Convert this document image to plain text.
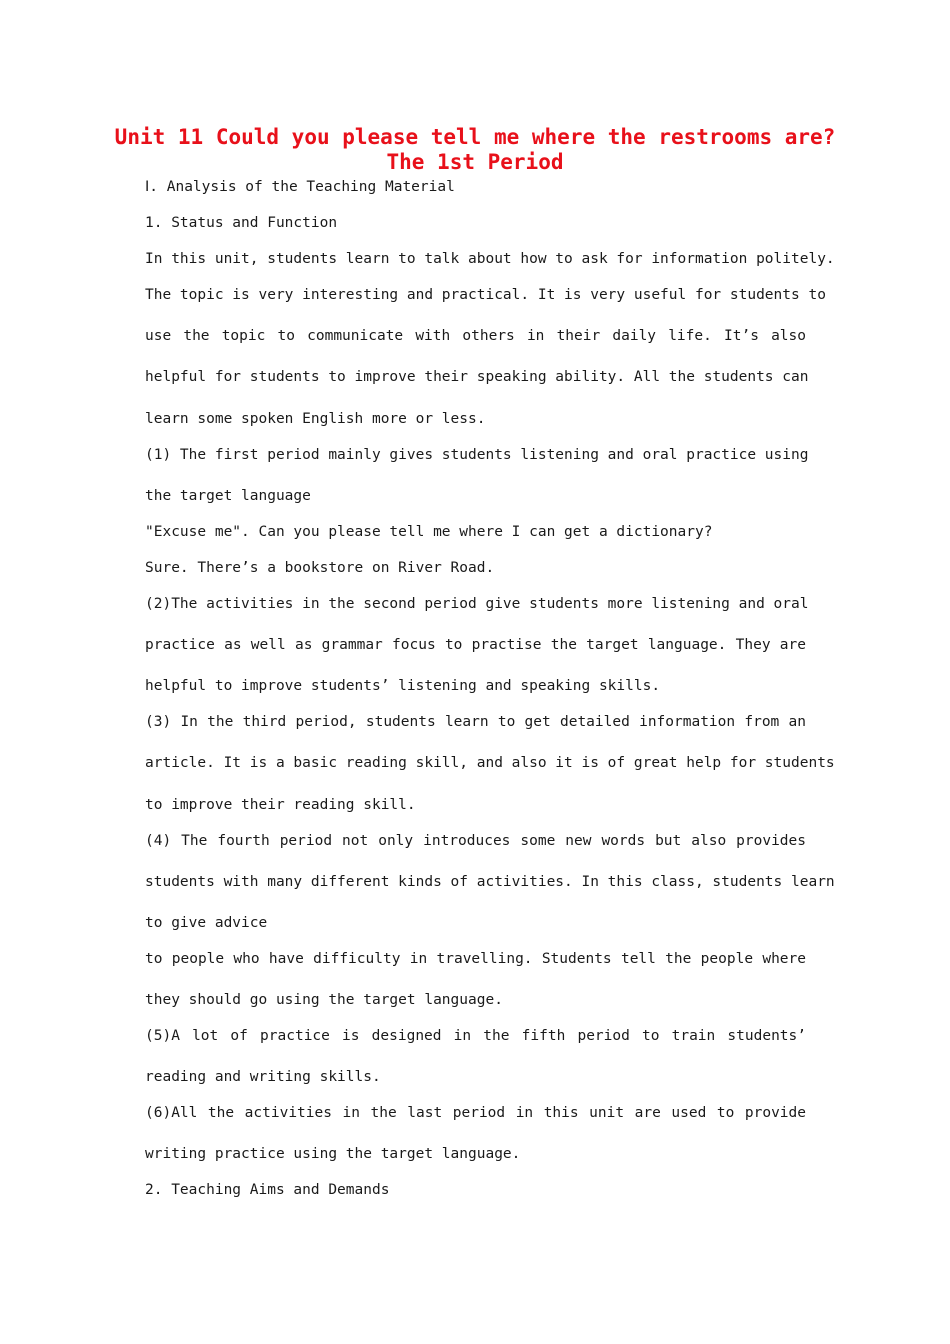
Unit 11 Could you please tell me where the restrooms are?
The 1st Period
Ⅰ. Analysis of the Teaching Material
1. Status and Function
In this unit, students learn to talk about how to ask for information politely.
The topic is very interesting and practical. It is very useful for students to
use the topic to communicate with others in their daily life. It’s also
helpful for students to improve their speaking ability. All the students can
learn some spoken English more or less.
(1) The first period mainly gives students listening and oral practice using
the target language
"Excuse me". Can you please tell me where I can get a dictionary?
Sure. There’s a bookstore on River Road.
(2)The activities in the second period give students more listening and oral
practice as well as grammar focus to practise the target language. They are
helpful to improve students’ listening and speaking skills.
(3) In the third period, students learn to get detailed information from an
article. It is a basic reading skill, and also it is of great help for students
to improve their reading skill.
(4) The fourth period not only introduces some new words but also provides
students with many different kinds of activities. In this class, students learn
to give advice
to people who have difficulty in travelling. Students tell the people where
they should go using the target language.
(5)A lot of practice is designed in the fifth period to train students’
reading and writing skills.
(6)All the activities in the last period in this unit are used to provide
writing practice using the target language.
2. Teaching Aims and Demands
